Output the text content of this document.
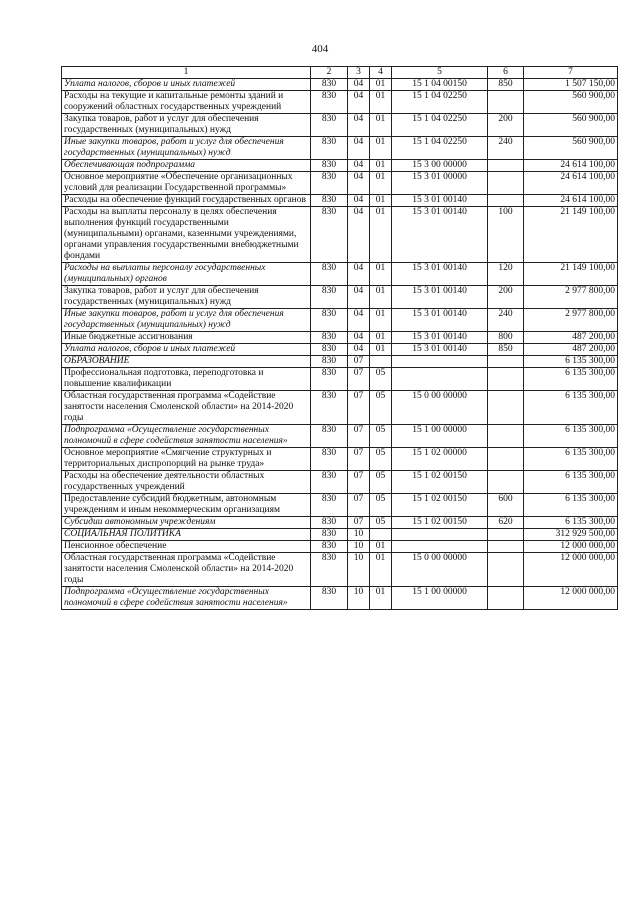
404
1	2	3	4	5	6	7
Уплата налогов, сборов и иных платежей	830	04	01	15 1 04 00150	850	1 507 150,00
Расходы на текущие и капитальные ремонты зданий и сооружений областных государственных учреждений	830	04	01	15 1 04 02250		560 900,00
Закупка товаров, работ и услуг для обеспечения государственных (муниципальных) нужд	830	04	01	15 1 04 02250	200	560 900,00
Иные закупки товаров, работ и услуг для обеспечения государственных (муниципальных) нужд	830	04	01	15 1 04 02250	240	560 900,00
Обеспечивающая подпрограмма	830	04	01	15 3 00 00000		24 614 100,00
Основное мероприятие «Обеспечение организационных условий для реализации Государственной программы»	830	04	01	15 3 01 00000		24 614 100,00
Расходы на обеспечение функций государственных органов	830	04	01	15 3 01 00140		24 614 100,00
Расходы на выплаты персоналу в целях обеспечения выполнения функций государственными (муниципальными) органами, казенными учреждениями, органами управления государственными внебюджетными фондами	830	04	01	15 3 01 00140	100	21 149 100,00
Расходы на выплаты персоналу государственных (муниципальных) органов	830	04	01	15 3 01 00140	120	21 149 100,00
Закупка товаров, работ и услуг для обеспечения государственных (муниципальных) нужд	830	04	01	15 3 01 00140	200	2 977 800,00
Иные закупки товаров, работ и услуг для обеспечения государственных (муниципальных) нужд	830	04	01	15 3 01 00140	240	2 977 800,00
Иные бюджетные ассигнования	830	04	01	15 3 01 00140	800	487 200,00
Уплата налогов, сборов и иных платежей	830	04	01	15 3 01 00140	850	487 200,00
ОБРАЗОВАНИЕ	830	07				6 135 300,00
Профессиональная подготовка, переподготовка и повышение квалификации	830	07	05			6 135 300,00
Областная государственная программа «Содействие занятости населения Смоленской области» на 2014-2020 годы	830	07	05	15 0 00 00000		6 135 300,00
Подпрограмма «Осуществление государственных полномочий в сфере содействия занятости населения»	830	07	05	15 1 00 00000		6 135 300,00
Основное мероприятие «Смягчение структурных и территориальных диспропорций на рынке труда»	830	07	05	15 1 02 00000		6 135 300,00
Расходы на обеспечение деятельности областных государственных учреждений	830	07	05	15 1 02 00150		6 135 300,00
Предоставление субсидий бюджетным, автономным учреждениям и иным некоммерческим организациям	830	07	05	15 1 02 00150	600	6 135 300,00
Субсидии автономным учреждениям	830	07	05	15 1 02 00150	620	6 135 300,00
СОЦИАЛЬНАЯ ПОЛИТИКА	830	10				312 929 500,00
Пенсионное обеспечение	830	10	01			12 000 000,00
Областная государственная программа «Содействие занятости населения Смоленской области» на 2014-2020 годы	830	10	01	15 0 00 00000		12 000 000,00
Подпрограмма «Осуществление государственных полномочий в сфере содействия занятости населения»	830	10	01	15 1 00 00000		12 000 000,00
